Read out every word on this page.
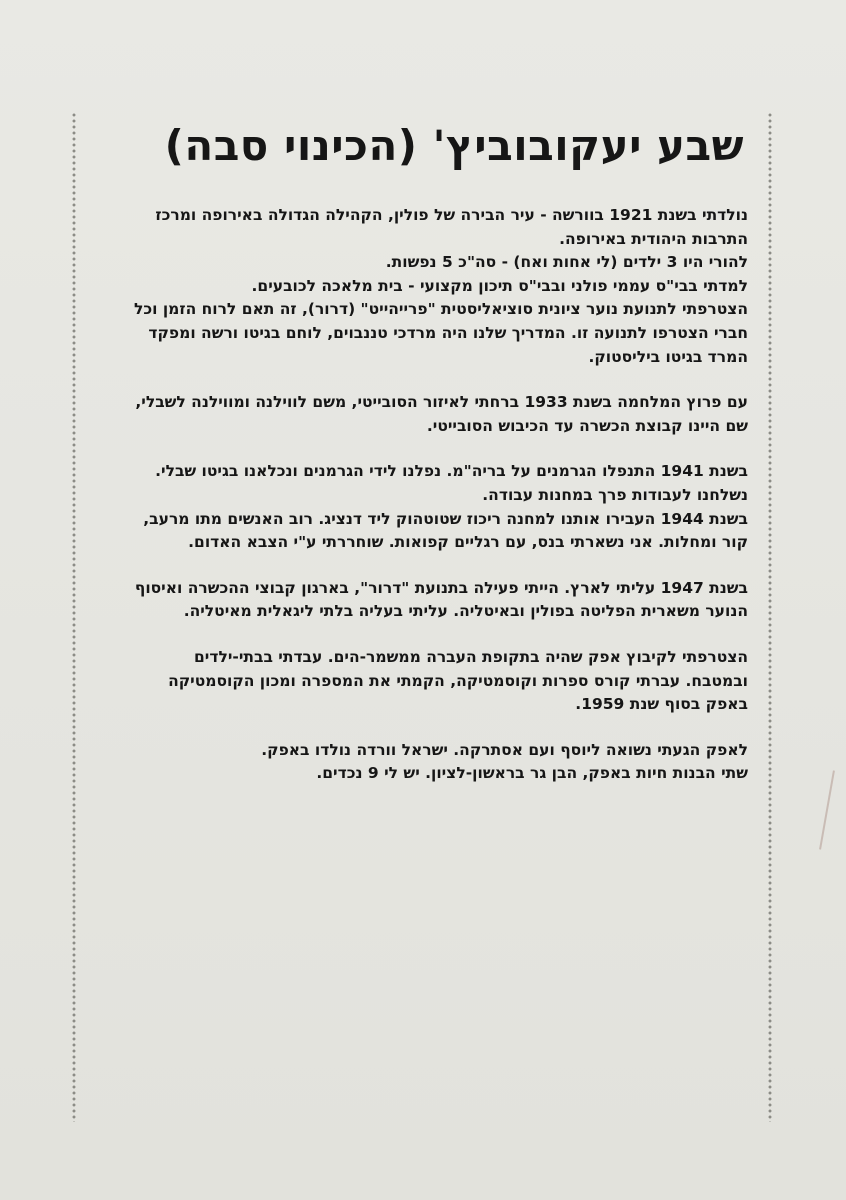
שבע יעקובוביץ' (הכינוי סבה)
נולדתי בשנת 1921 בוורשה - עיר הבירה של פולין, הקהילה הגדולה באירופה ומרכז
התרבות היהודית באירופה.
להורי היו 3 ילדים (לי אחות ואח) - סה"כ 5 נפשות.
למדתי בבי"ס עממי פולני ובבי"ס תיכון מקצועי - בית מלאכה לכובעים.
הצטרפתי לתנועת נוער ציונית סוציאליסטית "פרייהייט" (דרור), זה תאם לרוח הזמן וכל
חברי הצטרפו לתנועה זו. המדריך שלנו היה מרדכי טננבוים, לוחם בגיטו ורשה ומפקד
המרד בגיטו ביליסטוק.
עם פרוץ המלחמה בשנת 1933 ברחתי לאיזור הסובייטי, משם לווילנה ומווילנה לשבלי,
שם היינו קבוצת הכשרה עד הכיבוש הסובייטי.
בשנת 1941 התנפלו הגרמנים על בריה"מ. נפלנו לידי הגרמנים ונכלאנו בגיטו שבלי.
נשלחנו לעבודות פרך במחנות עבודה.
בשנת 1944 העבירו אותנו למחנה ריכוז שטוטהוק ליד דנציג. רוב האנשים מתו מרעב,
קור ומחלות. אני נשארתי בנס, עם רגליים קפואות. שוחררתי ע"י הצבא האדום.
בשנת 1947 עליתי לארץ. הייתי פעילה בתנועת "דרור", בארגון קבוצי ההכשרה ואיסוף
הנוער משארית הפליטה בפולין ובאיטליה. עליתי בעליה בלתי ליגאלית מאיטליה.
הצטרפתי לקיבוץ אפק שהיה בתקופת העברה ממשמר-הים. עבדתי בבתי-ילדים
ובמטבח. עברתי קורס ספרות וקוסמטיקה, הקמתי את המספרה ומכון הקוסמטיקה
באפק בסוף שנת 1959.
לאפק הגעתי נשואה ליוסף ועם אסתרקה. ישראל וורדה נולדו באפק.
שתי הבנות חיות באפק, הבן גר בראשון-לציון. יש לי 9 נכדים.
